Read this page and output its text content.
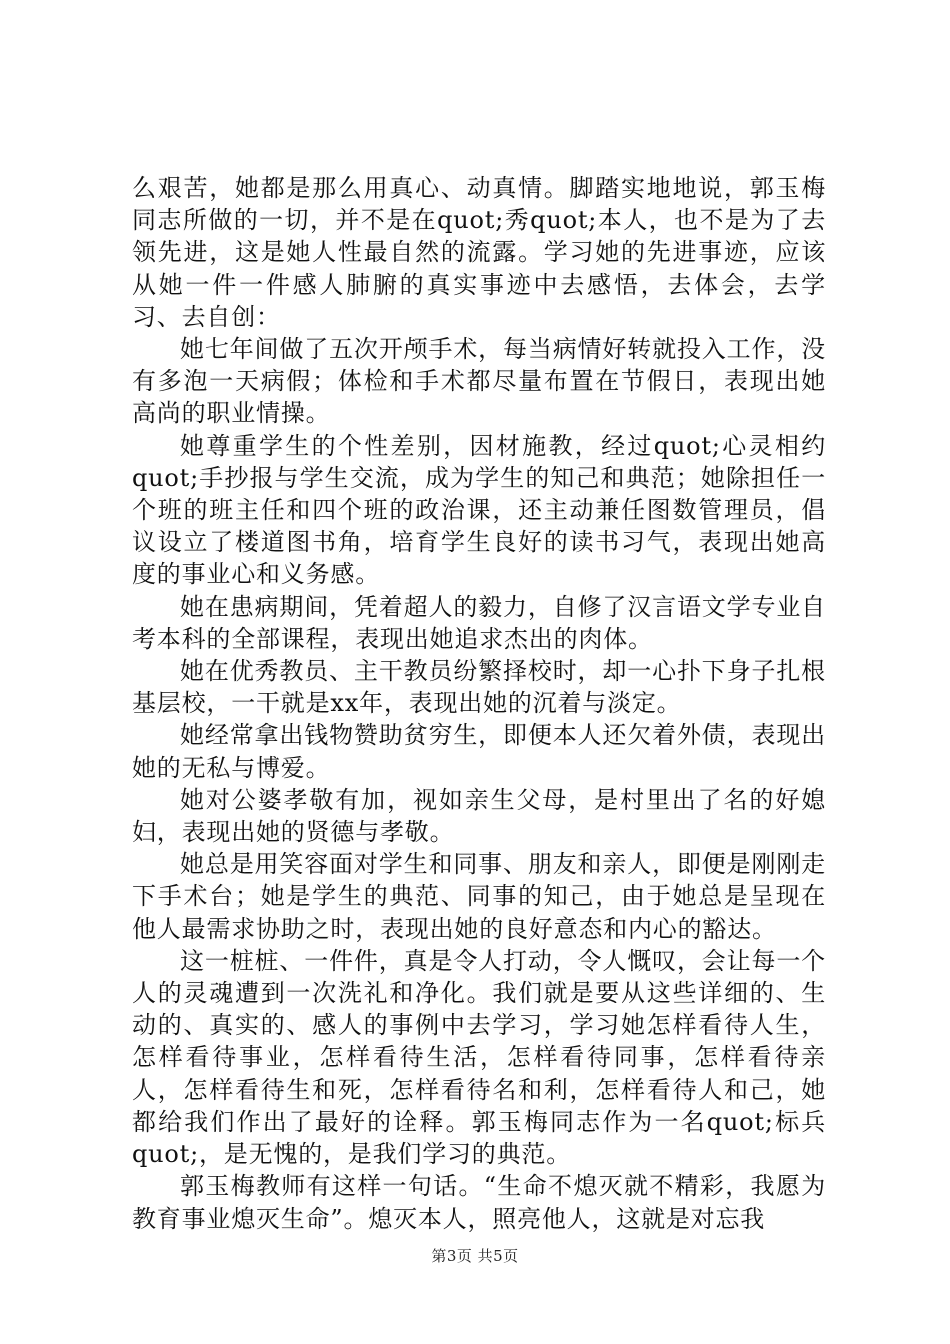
么艰苦，她都是那么用真心、动真情。脚踏实地地说，郭玉梅同志所做的一切，并不是在quot;秀quot;本人，也不是为了去领先进，这是她人性最自然的流露。学习她的先进事迹，应该从她一件一件感人肺腑的真实事迹中去感悟，去体会，去学习、去自创：

她七年间做了五次开颅手术，每当病情好转就投入工作，没有多泡一天病假；体检和手术都尽量布置在节假日，表现出她高尚的职业情操。

她尊重学生的个性差别，因材施教，经过quot;心灵相约quot;手抄报与学生交流，成为学生的知己和典范；她除担任一个班的班主任和四个班的政治课，还主动兼任图数管理员，倡议设立了楼道图书角，培育学生良好的读书习气，表现出她高度的事业心和义务感。

她在患病期间，凭着超人的毅力，自修了汉言语文学专业自考本科的全部课程，表现出她追求杰出的肉体。

她在优秀教员、主干教员纷繁择校时，却一心扑下身子扎根基层校，一干就是xx年，表现出她的沉着与淡定。

她经常拿出钱物赞助贫穷生，即便本人还欠着外债，表现出她的无私与博爱。

她对公婆孝敬有加，视如亲生父母，是村里出了名的好媳妇，表现出她的贤德与孝敬。

她总是用笑容面对学生和同事、朋友和亲人，即便是刚刚走下手术台；她是学生的典范、同事的知己，由于她总是呈现在他人最需求协助之时，表现出她的良好意态和内心的豁达。

这一桩桩、一件件，真是令人打动，令人慨叹，会让每一个人的灵魂遭到一次洗礼和净化。我们就是要从这些详细的、生动的、真实的、感人的事例中去学习，学习她怎样看待人生，怎样看待事业，怎样看待生活，怎样看待同事，怎样看待亲人，怎样看待生和死，怎样看待名和利，怎样看待人和己，她都给我们作出了最好的诠释。郭玉梅同志作为一名quot;标兵quot;，是无愧的，是我们学习的典范。

郭玉梅教师有这样一句话。“生命不熄灭就不精彩，我愿为教育事业熄灭生命”。熄灭本人，照亮他人，这就是对忘我

第3页 共5页
